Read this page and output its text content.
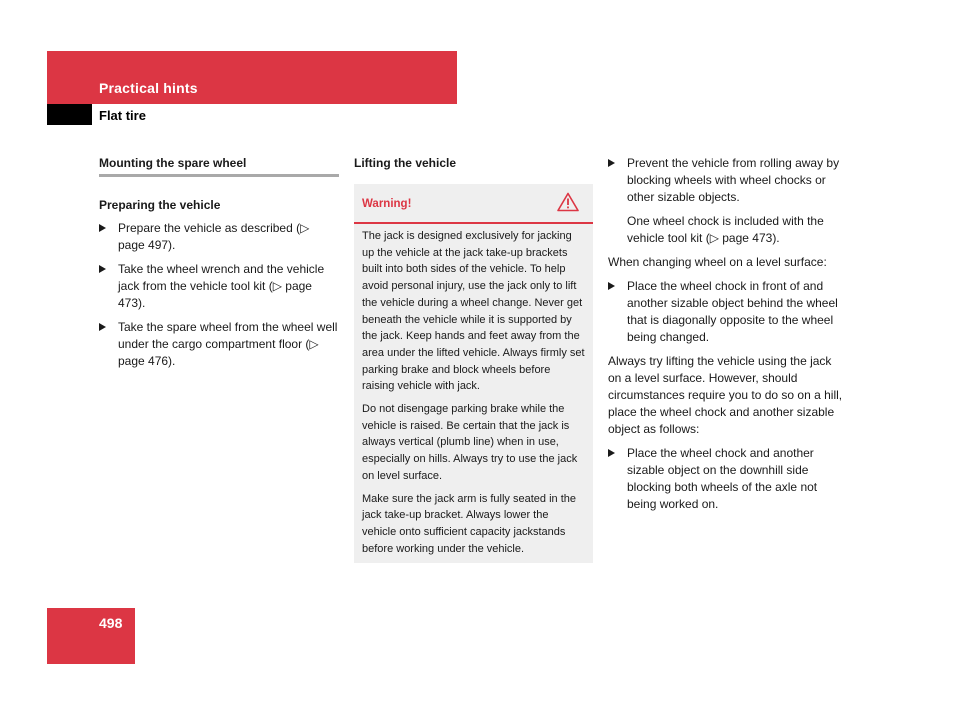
Practical hints
Flat tire
Mounting the spare wheel
Preparing the vehicle
Prepare the vehicle as described (▷ page 497).
Take the wheel wrench and the vehicle jack from the vehicle tool kit (▷ page 473).
Take the spare wheel from the wheel well under the cargo compartment floor (▷ page 476).
Lifting the vehicle
Warning!

The jack is designed exclusively for jacking up the vehicle at the jack take-up brackets built into both sides of the vehicle. To help avoid personal injury, use the jack only to lift the vehicle during a wheel change. Never get beneath the vehicle while it is supported by the jack. Keep hands and feet away from the area under the lifted vehicle. Always firmly set parking brake and block wheels before raising vehicle with jack.

Do not disengage parking brake while the vehicle is raised. Be certain that the jack is always vertical (plumb line) when in use, especially on hills. Always try to use the jack on level surface.

Make sure the jack arm is fully seated in the jack take-up bracket. Always lower the vehicle onto sufficient capacity jackstands before working under the vehicle.

Prevent the vehicle from rolling away by blocking wheels with wheel chocks or other sizable objects.
One wheel chock is included with the vehicle tool kit (▷ page 473).
When changing wheel on a level surface:
Place the wheel chock in front of and another sizable object behind the wheel that is diagonally opposite to the wheel being changed.
Always try lifting the vehicle using the jack on a level surface. However, should circumstances require you to do so on a hill, place the wheel chock and another sizable object as follows:
Place the wheel chock and another sizable object on the downhill side blocking both wheels of the axle not being worked on.
498
